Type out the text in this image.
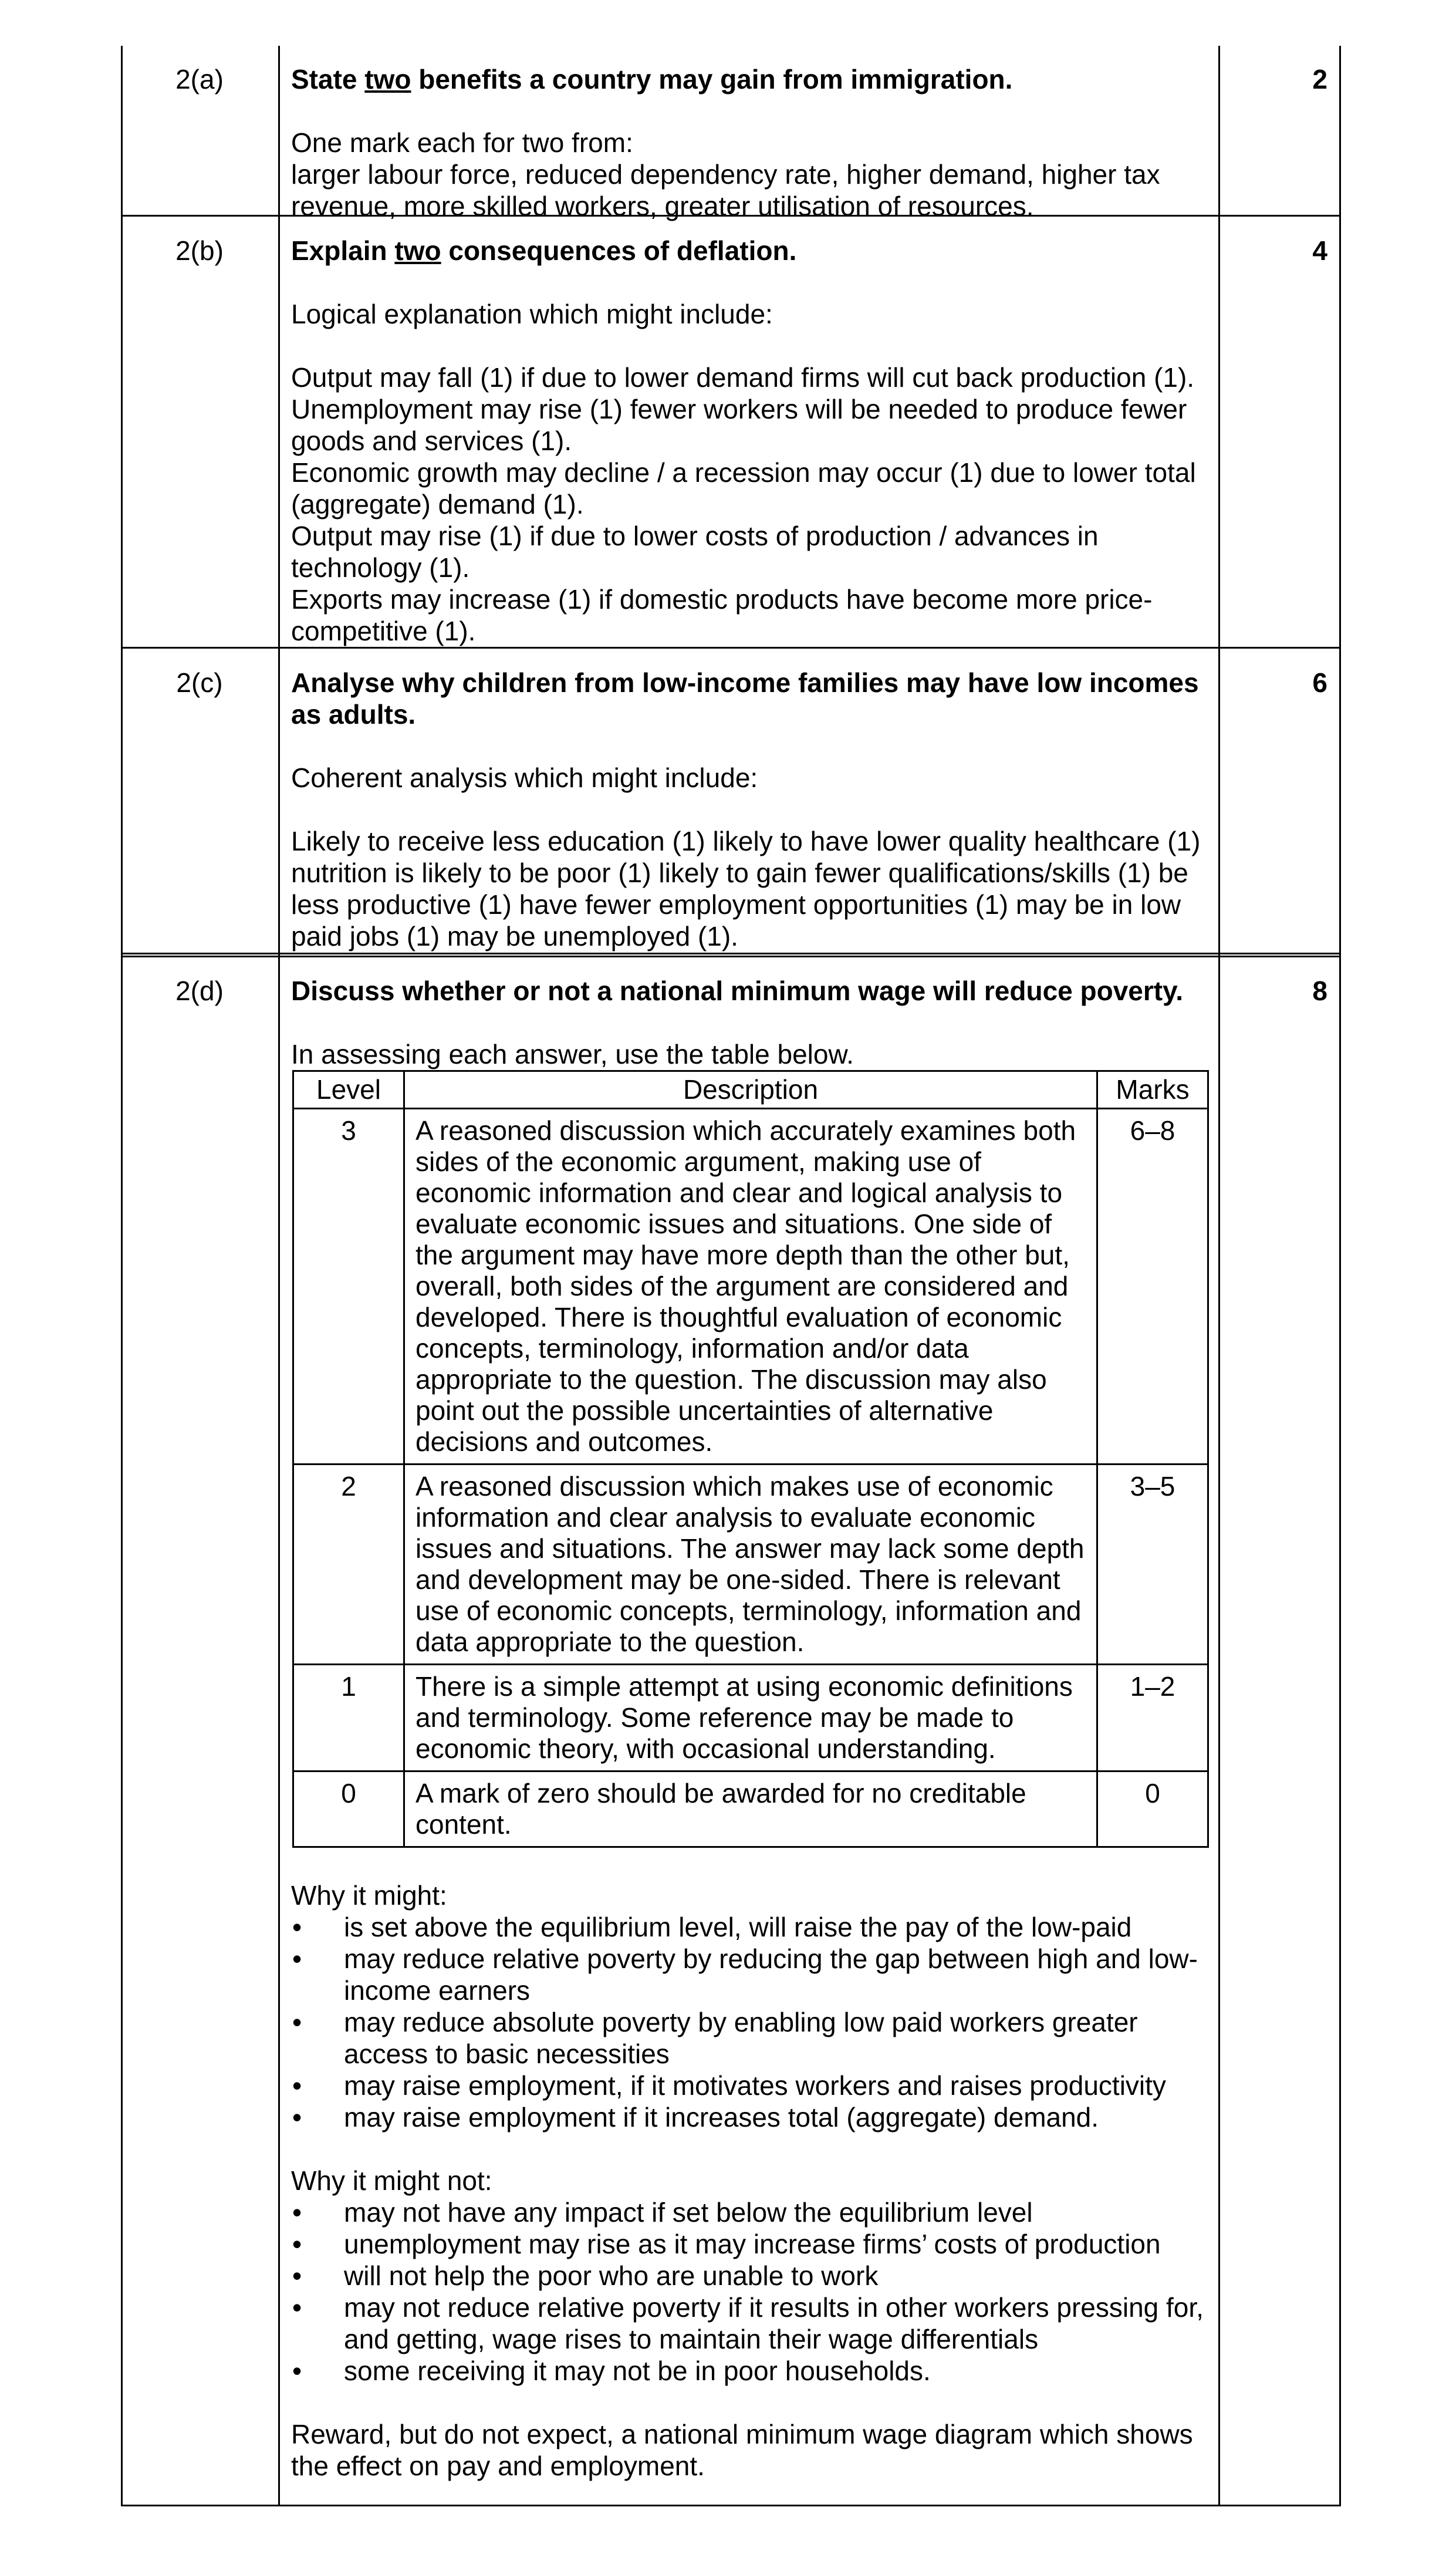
2(a)	State two benefits a country may gain from immigration.

One mark each for two from:

larger labour force, reduced dependency rate, higher demand, higher tax revenue, more skilled workers, greater utilisation of resources.

2
2(b)	Explain two consequences of deflation.

Logical explanation which might include:

Output may fall (1) if due to lower demand firms will cut back production (1).

Unemployment may rise (1) fewer workers will be needed to produce fewer goods and services (1).

Economic growth may decline / a recession may occur (1) due to lower total (aggregate) demand (1).

Output may rise (1) if due to lower costs of production / advances in technology (1).

Exports may increase (1) if domestic products have become more price-competitive (1).

4
2(c)	Analyse why children from low-income families may have low incomes as adults.

Coherent analysis which might include:

Likely to receive less education (1) likely to have lower quality healthcare (1) nutrition is likely to be poor (1) likely to gain fewer qualifications/skills (1) be less productive (1) have fewer employment opportunities (1) may be in low paid jobs (1) may be unemployed (1).

6
2(d)	Discuss whether or not a national minimum wage will reduce poverty.

In assessing each answer, use the table below.

Level	Description	Marks
3	A reasoned discussion which accurately examines both sides of the economic argument, making use of economic information and clear and logical analysis to evaluate economic issues and situations. One side of the argument may have more depth than the other but, overall, both sides of the argument are considered and developed. There is thoughtful evaluation of economic concepts, terminology, information and/or data appropriate to the question. The discussion may also point out the possible uncertainties of alternative decisions and outcomes.	6–8
2	A reasoned discussion which makes use of economic information and clear analysis to evaluate economic issues and situations. The answer may lack some depth and development may be one-sided. There is relevant use of economic concepts, terminology, information and data appropriate to the question.	3–5
1	There is a simple attempt at using economic definitions and terminology. Some reference may be made to economic theory, with occasional understanding.	1–2
0	A mark of zero should be awarded for no creditable content.	0

Why it might:

• is set above the equilibrium level, will raise the pay of the low-paid
• may reduce relative poverty by reducing the gap between high and low-income earners
• may reduce absolute poverty by enabling low paid workers greater access to basic necessities
• may raise employment, if it motivates workers and raises productivity
• may raise employment if it increases total (aggregate) demand.

Why it might not:

• may not have any impact if set below the equilibrium level
• unemployment may rise as it may increase firms’ costs of production
• will not help the poor who are unable to work
• may not reduce relative poverty if it results in other workers pressing for, and getting, wage rises to maintain their wage differentials
• some receiving it may not be in poor households.

Reward, but do not expect, a national minimum wage diagram which shows the effect on pay and employment.

8
